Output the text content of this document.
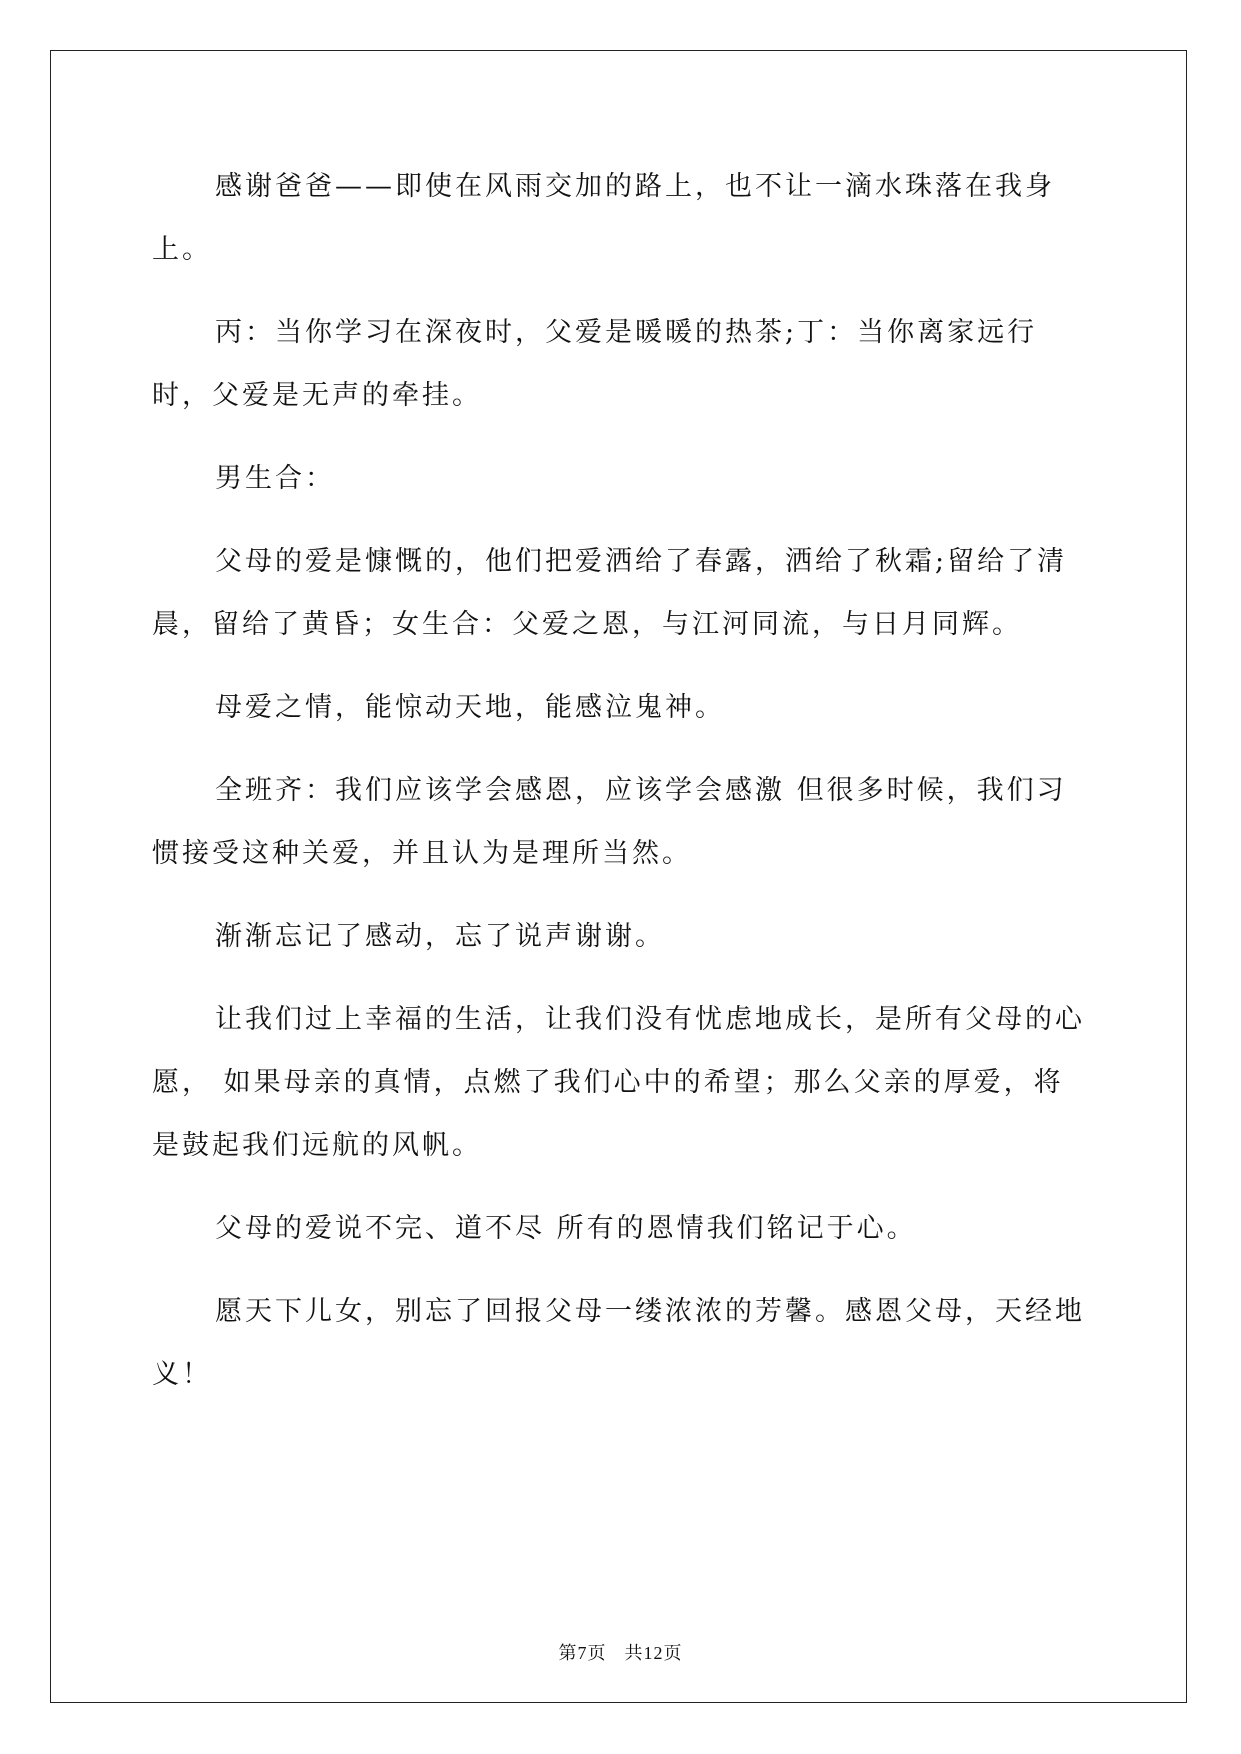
感谢爸爸——即使在风雨交加的路上，也不让一滴水珠落在我身上。

丙：当你学习在深夜时，父爱是暖暖的热茶;丁：当你离家远行时，父爱是无声的牵挂。

男生合：

父母的爱是慷慨的，他们把爱洒给了春露，洒给了秋霜;留给了清晨，留给了黄昏；女生合：父爱之恩，与江河同流，与日月同辉。

母爱之情，能惊动天地，能感泣鬼神。

全班齐：我们应该学会感恩，应该学会感激 但很多时候，我们习惯接受这种关爱，并且认为是理所当然。

渐渐忘记了感动，忘了说声谢谢。

让我们过上幸福的生活，让我们没有忧虑地成长，是所有父母的心愿， 如果母亲的真情，点燃了我们心中的希望；那么父亲的厚爱，将是鼓起我们远航的风帆。

父母的爱说不完、道不尽 所有的恩情我们铭记于心。

愿天下儿女，别忘了回报父母一缕浓浓的芳馨。感恩父母，天经地义！

第7页 共12页
